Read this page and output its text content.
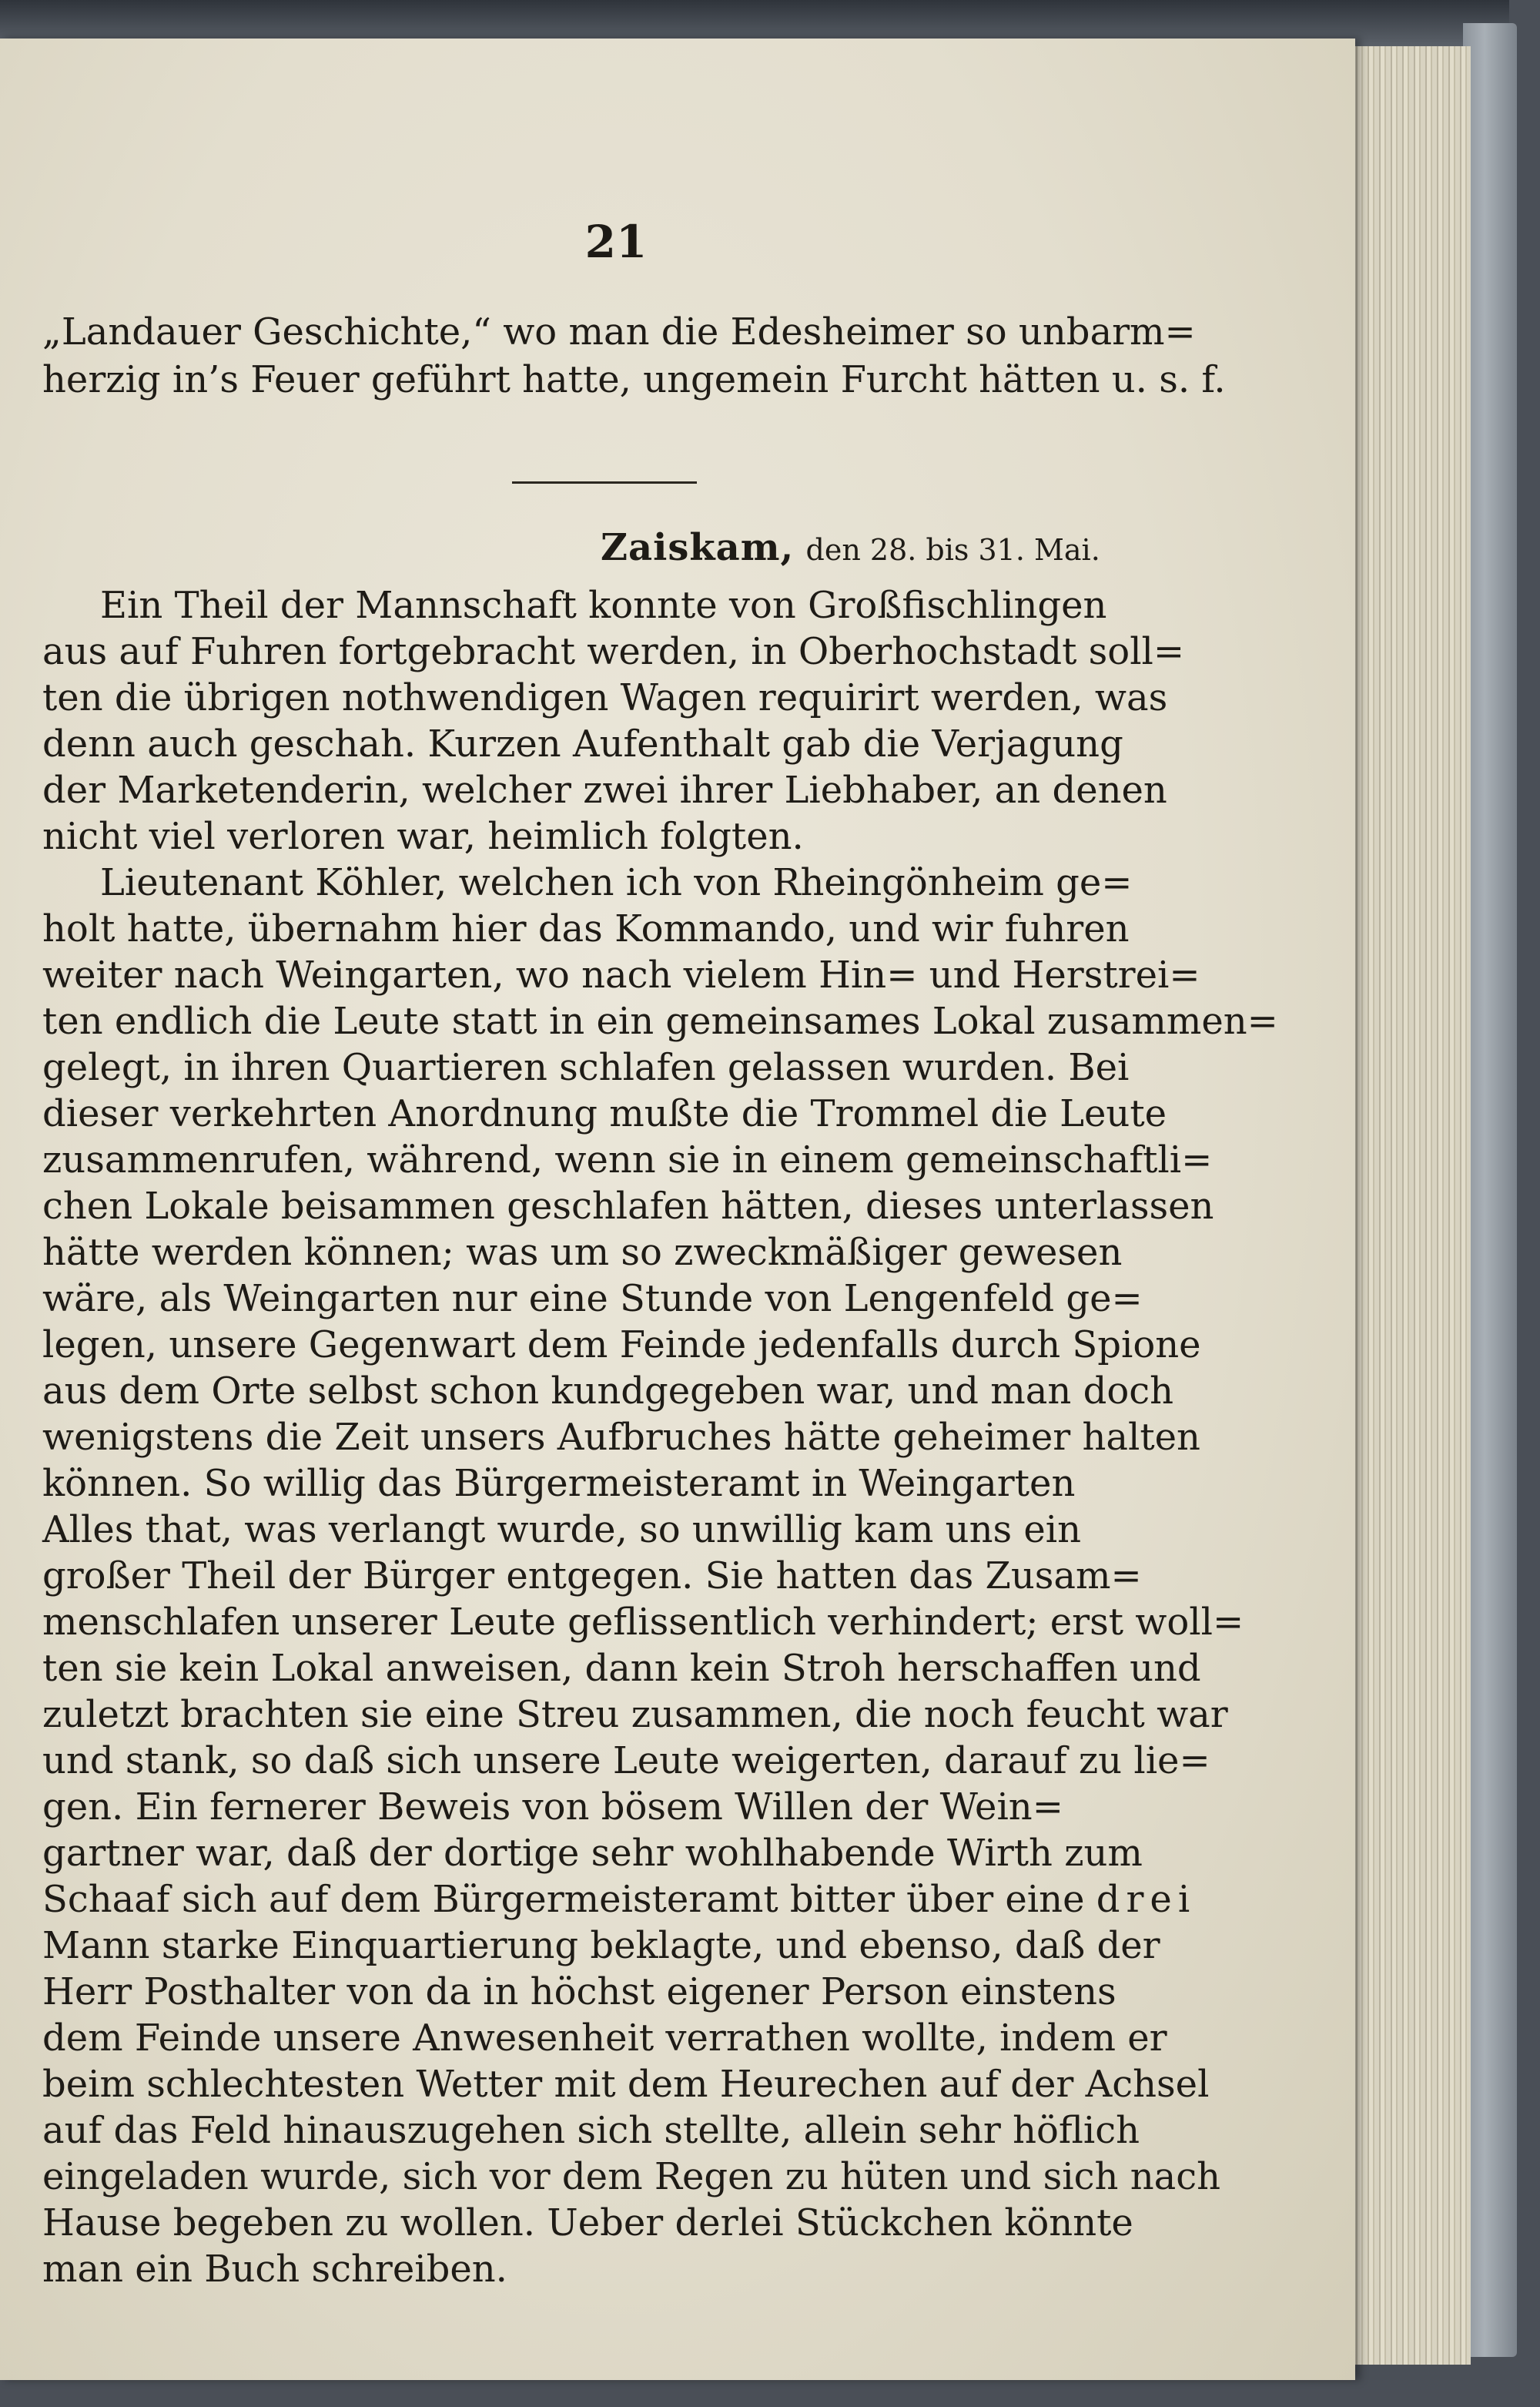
21
„Landauer Geschichte,“ wo man die Edesheimer so unbarm=
herzig in’s Feuer geführt hatte, ungemein Furcht hätten u. s. f.
Zaiskam, den 28. bis 31. Mai.
Ein Theil der Mannschaft konnte von Großfischlingen
aus auf Fuhren fortgebracht werden, in Oberhochstadt soll=
ten die übrigen nothwendigen Wagen requirirt werden, was
denn auch geschah. Kurzen Aufenthalt gab die Verjagung
der Marketenderin, welcher zwei ihrer Liebhaber, an denen
nicht viel verloren war, heimlich folgten.
Lieutenant Köhler, welchen ich von Rheingönheim ge=
holt hatte, übernahm hier das Kommando, und wir fuhren
weiter nach Weingarten, wo nach vielem Hin= und Herstrei=
ten endlich die Leute statt in ein gemeinsames Lokal zusammen=
gelegt, in ihren Quartieren schlafen gelassen wurden. Bei
dieser verkehrten Anordnung mußte die Trommel die Leute
zusammenrufen, während, wenn sie in einem gemeinschaftli=
chen Lokale beisammen geschlafen hätten, dieses unterlassen
hätte werden können; was um so zweckmäßiger gewesen
wäre, als Weingarten nur eine Stunde von Lengenfeld ge=
legen, unsere Gegenwart dem Feinde jedenfalls durch Spione
aus dem Orte selbst schon kundgegeben war, und man doch
wenigstens die Zeit unsers Aufbruches hätte geheimer halten
können. So willig das Bürgermeisteramt in Weingarten
Alles that, was verlangt wurde, so unwillig kam uns ein
großer Theil der Bürger entgegen. Sie hatten das Zusam=
menschlafen unserer Leute geflissentlich verhindert; erst woll=
ten sie kein Lokal anweisen, dann kein Stroh herschaffen und
zuletzt brachten sie eine Streu zusammen, die noch feucht war
und stank, so daß sich unsere Leute weigerten, darauf zu lie=
gen. Ein fernerer Beweis von bösem Willen der Wein=
gartner war, daß der dortige sehr wohlhabende Wirth zum
Schaaf sich auf dem Bürgermeisteramt bitter über eine drei
Mann starke Einquartierung beklagte, und ebenso, daß der
Herr Posthalter von da in höchst eigener Person einstens
dem Feinde unsere Anwesenheit verrathen wollte, indem er
beim schlechtesten Wetter mit dem Heurechen auf der Achsel
auf das Feld hinauszugehen sich stellte, allein sehr höflich
eingeladen wurde, sich vor dem Regen zu hüten und sich nach
Hause begeben zu wollen. Ueber derlei Stückchen könnte
man ein Buch schreiben.
